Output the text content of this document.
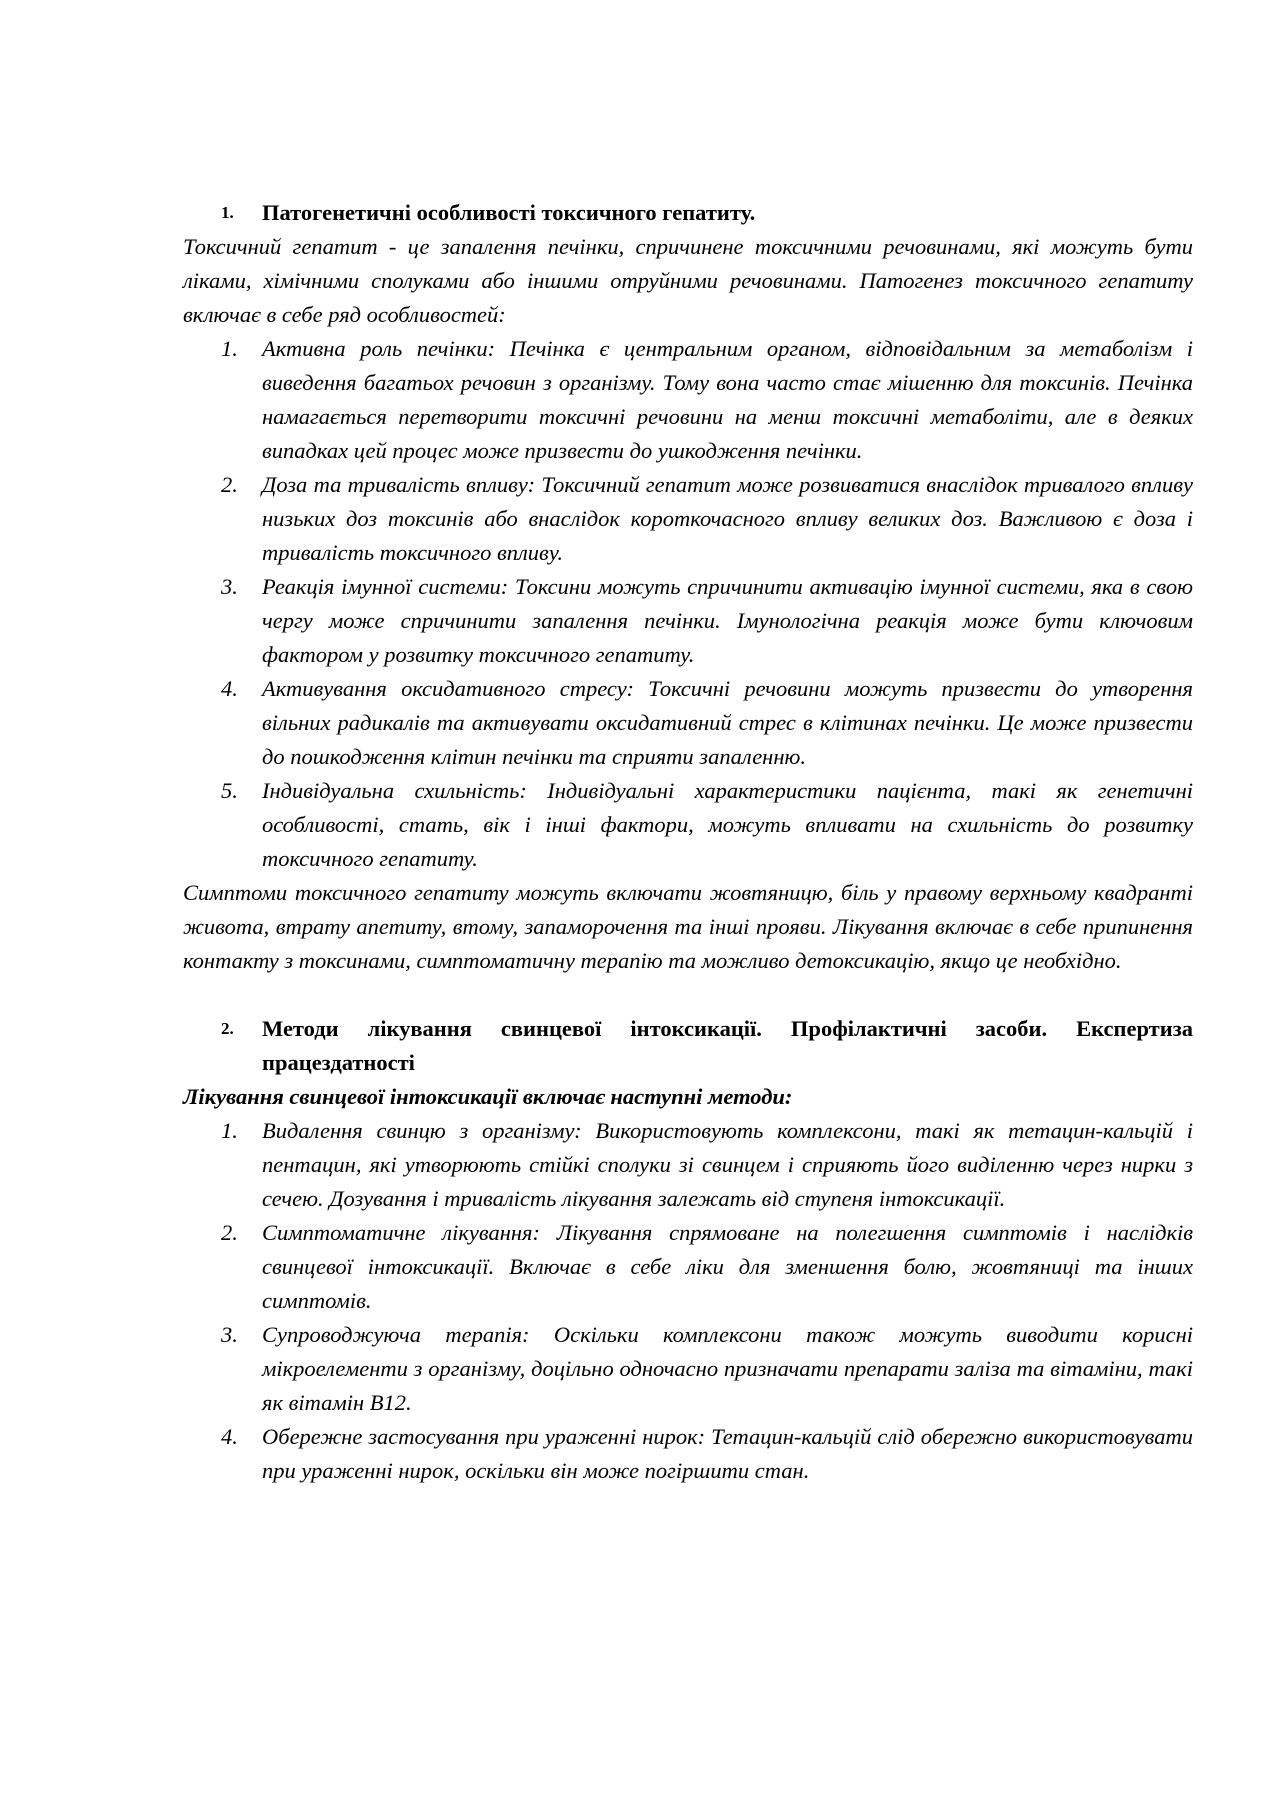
1. Патогенетичні особливості токсичного гепатиту.

Токсичний гепатит - це запалення печінки, спричинене токсичними речовинами, які можуть бути ліками, хімічними сполуками або іншими отруйними речовинами. Патогенез токсичного гепатиту включає в себе ряд особливостей:

1. Активна роль печінки: Печінка є центральним органом, відповідальним за метаболізм і виведення багатьох речовин з організму. Тому вона часто стає мішенню для токсинів. Печінка намагається перетворити токсичні речовини на менш токсичні метаболіти, але в деяких випадках цей процес може призвести до ушкодження печінки.
2. Доза та тривалість впливу: Токсичний гепатит може розвиватися внаслідок тривалого впливу низьких доз токсинів або внаслідок короткочасного впливу великих доз. Важливою є доза і тривалість токсичного впливу.
3. Реакція імунної системи: Токсини можуть спричинити активацію імунної системи, яка в свою чергу може спричинити запалення печінки. Імунологічна реакція може бути ключовим фактором у розвитку токсичного гепатиту.
4. Активування оксидативного стресу: Токсичні речовини можуть призвести до утворення вільних радикалів та активувати оксидативний стрес в клітинах печінки. Це може призвести до пошкодження клітин печінки та сприяти запаленню.
5. Індивідуальна схильність: Індивідуальні характеристики пацієнта, такі як генетичні особливості, стать, вік і інші фактори, можуть впливати на схильність до розвитку токсичного гепатиту.

Симптоми токсичного гепатиту можуть включати жовтяницю, біль у правому верхньому квадранті живота, втрату апетиту, втому, запаморочення та інші прояви. Лікування включає в себе припинення контакту з токсинами, симптоматичну терапію та можливо детоксикацію, якщо це необхідно.

2. Методи лікування свинцевої інтоксикації. Профілактичні засоби. Експертиза працездатності

Лікування свинцевої інтоксикації включає наступні методи:

1. Видалення свинцю з організму: Використовують комплексони, такі як тетацин-кальцій і пентацин, які утворюють стійкі сполуки зі свинцем і сприяють його виділенню через нирки з сечею. Дозування і тривалість лікування залежать від ступеня інтоксикації.
2. Симптоматичне лікування: Лікування спрямоване на полегшення симптомів і наслідків свинцевої інтоксикації. Включає в себе ліки для зменшення болю, жовтяниці та інших симптомів.
3. Супроводжуюча терапія: Оскільки комплексони також можуть виводити корисні мікроелементи з організму, доцільно одночасно призначати препарати заліза та вітаміни, такі як вітамін B12.
4. Обережне застосування при ураженні нирок: Тетацин-кальцій слід обережно використовувати при ураженні нирок, оскільки він може погіршити стан.
